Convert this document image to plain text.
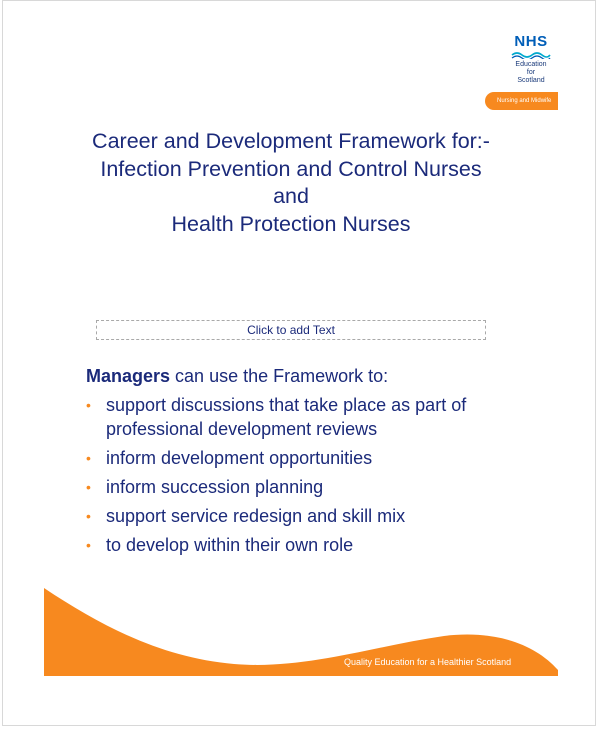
NHS
Education
for
Scotland
Nursing and Midwife
Career and Development Framework for:-
Infection Prevention and Control Nurses
and
Health Protection Nurses
Click to add Text
Managers can use the Framework to:
• support discussions that take place as part of professional development reviews
• inform development opportunities
• inform succession planning
• support service redesign and skill mix
• to develop within their own role
Quality Education for a Healthier Scotland
